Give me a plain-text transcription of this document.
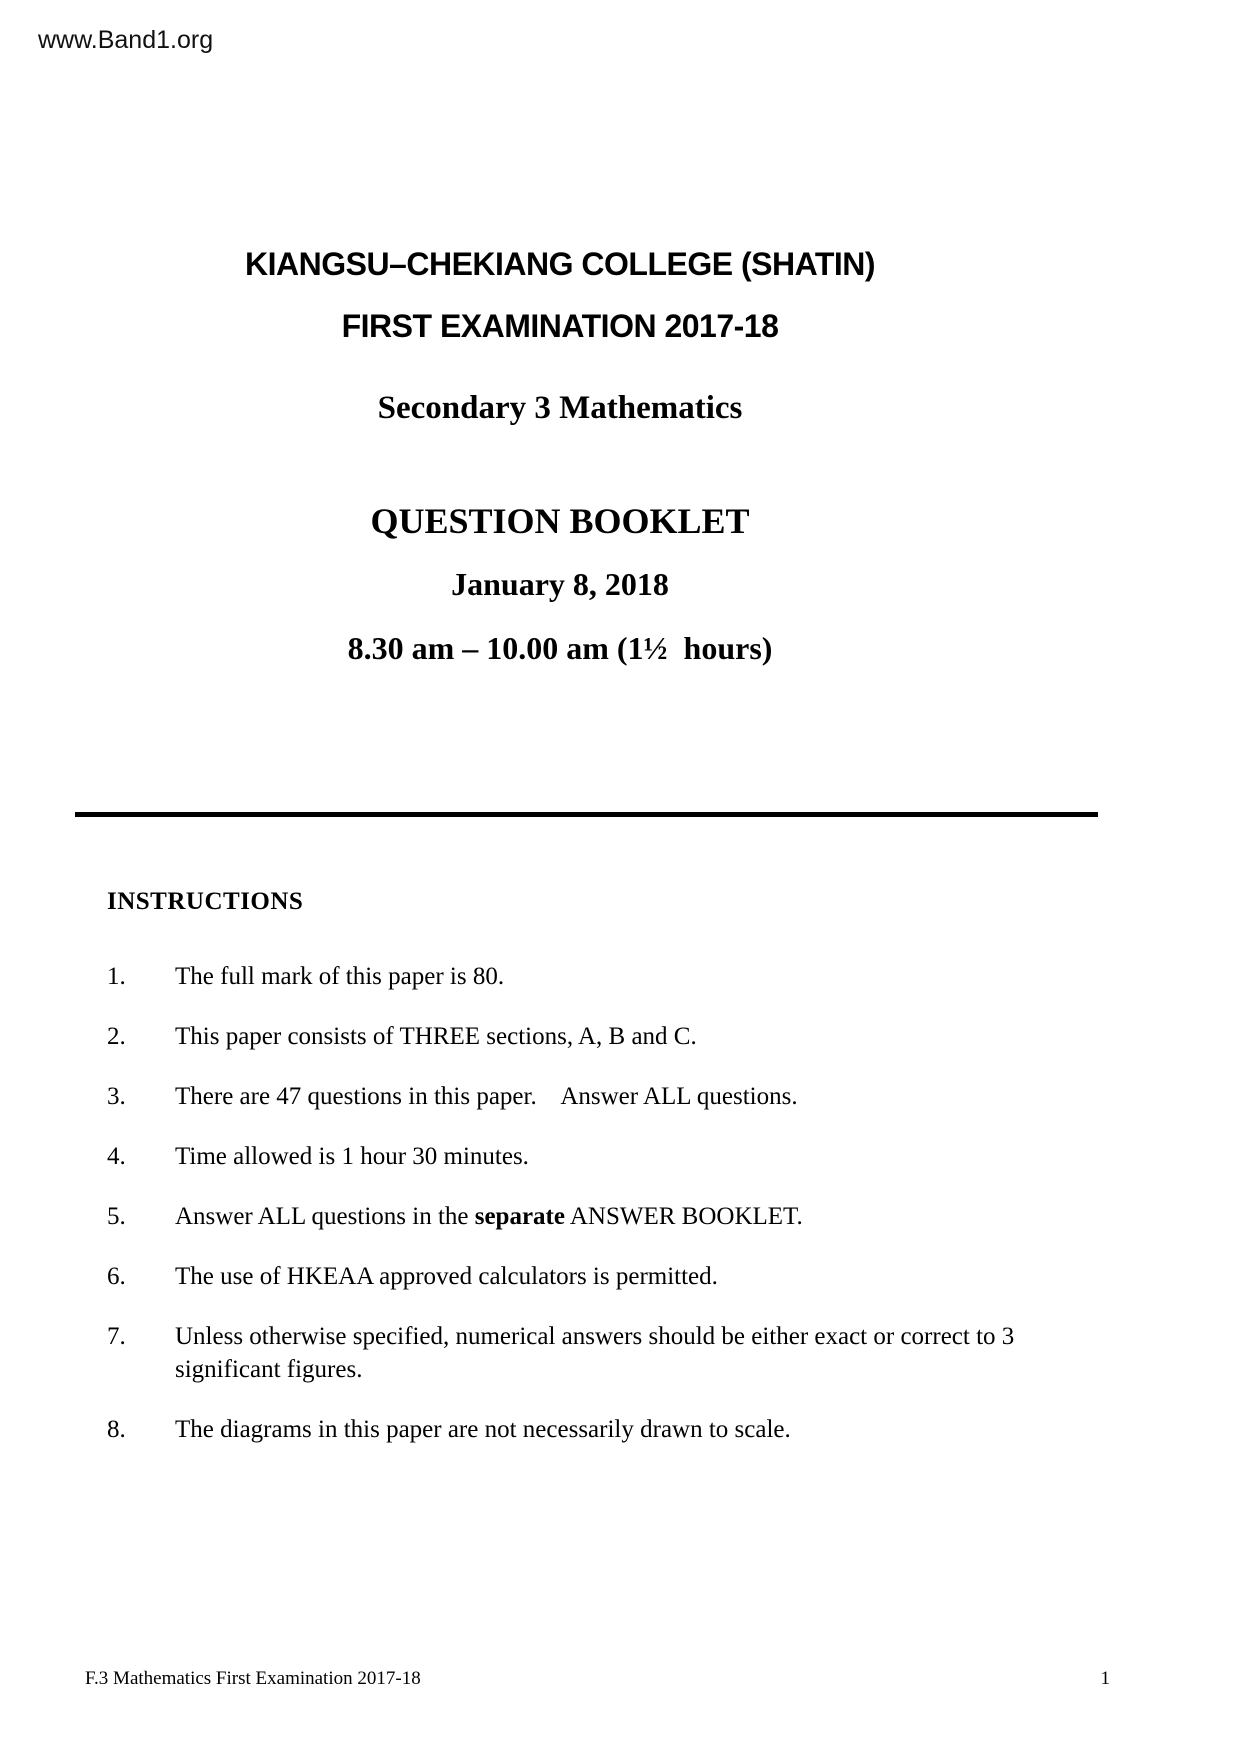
www.Band1.org
KIANGSU–CHEKIANG COLLEGE (SHATIN)
FIRST EXAMINATION 2017-18
Secondary 3 Mathematics
QUESTION BOOKLET
January 8, 2018
8.30 am – 10.00 am (1½  hours)
INSTRUCTIONS
1.	The full mark of this paper is 80.
2.	This paper consists of THREE sections, A, B and C.
3.	There are 47 questions in this paper.    Answer ALL questions.
4.	Time allowed is 1 hour 30 minutes.
5.	Answer ALL questions in the separate ANSWER BOOKLET.
6.	The use of HKEAA approved calculators is permitted.
7.	Unless otherwise specified, numerical answers should be either exact or correct to 3 significant figures.
8.	The diagrams in this paper are not necessarily drawn to scale.
F.3 Mathematics First Examination 2017-18	1
